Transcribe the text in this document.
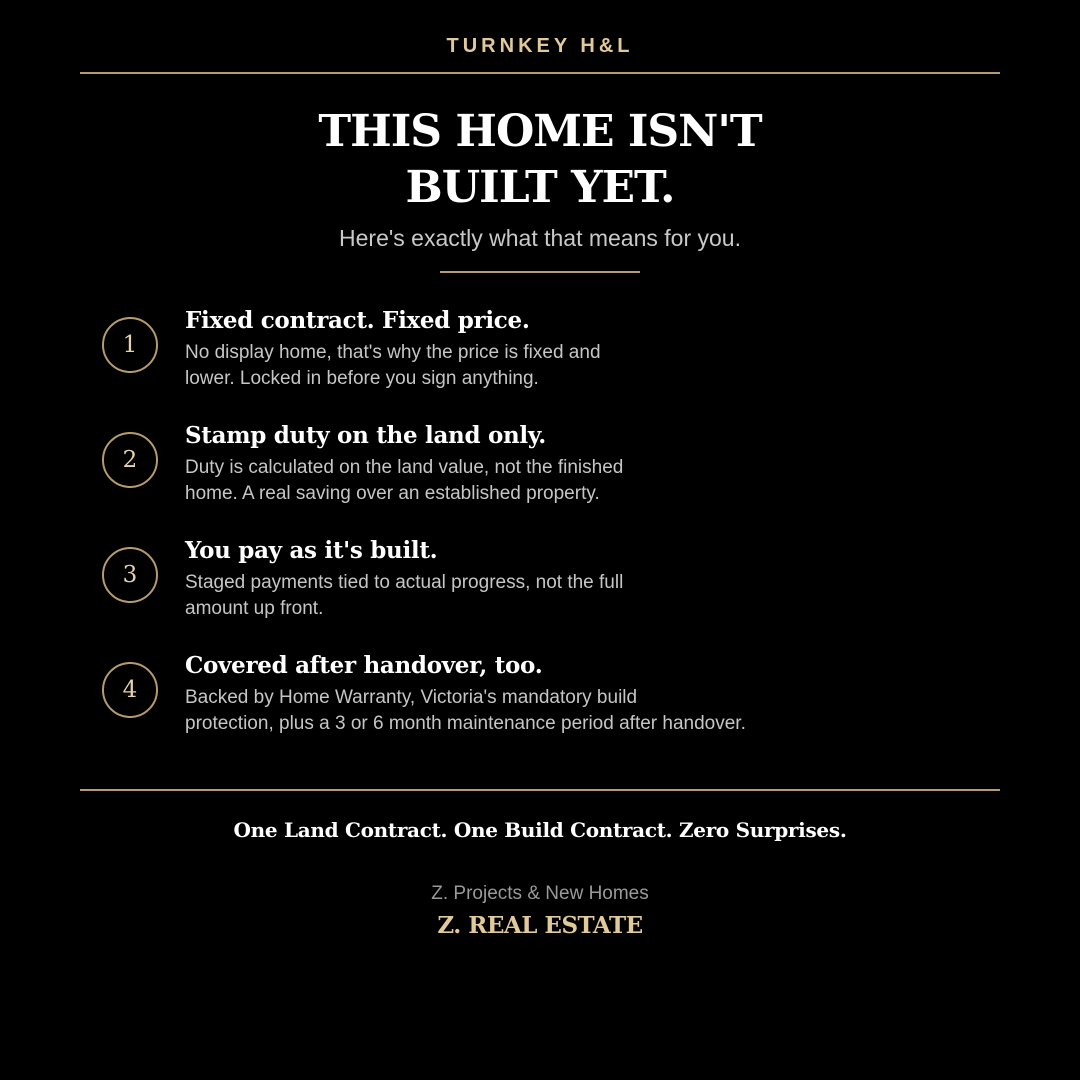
TURNKEY H&L
THIS HOME ISN'T
BUILT YET.
Here's exactly what that means for you.
1
Fixed contract. Fixed price.
No display home, that's why the price is fixed and
lower. Locked in before you sign anything.
2
Stamp duty on the land only.
Duty is calculated on the land value, not the finished
home. A real saving over an established property.
3
You pay as it's built.
Staged payments tied to actual progress, not the full
amount up front.
4
Covered after handover, too.
Backed by Home Warranty, Victoria's mandatory build
protection, plus a 3 or 6 month maintenance period after handover.
One Land Contract. One Build Contract. Zero Surprises.
Z. Projects & New Homes
Z. REAL ESTATE
